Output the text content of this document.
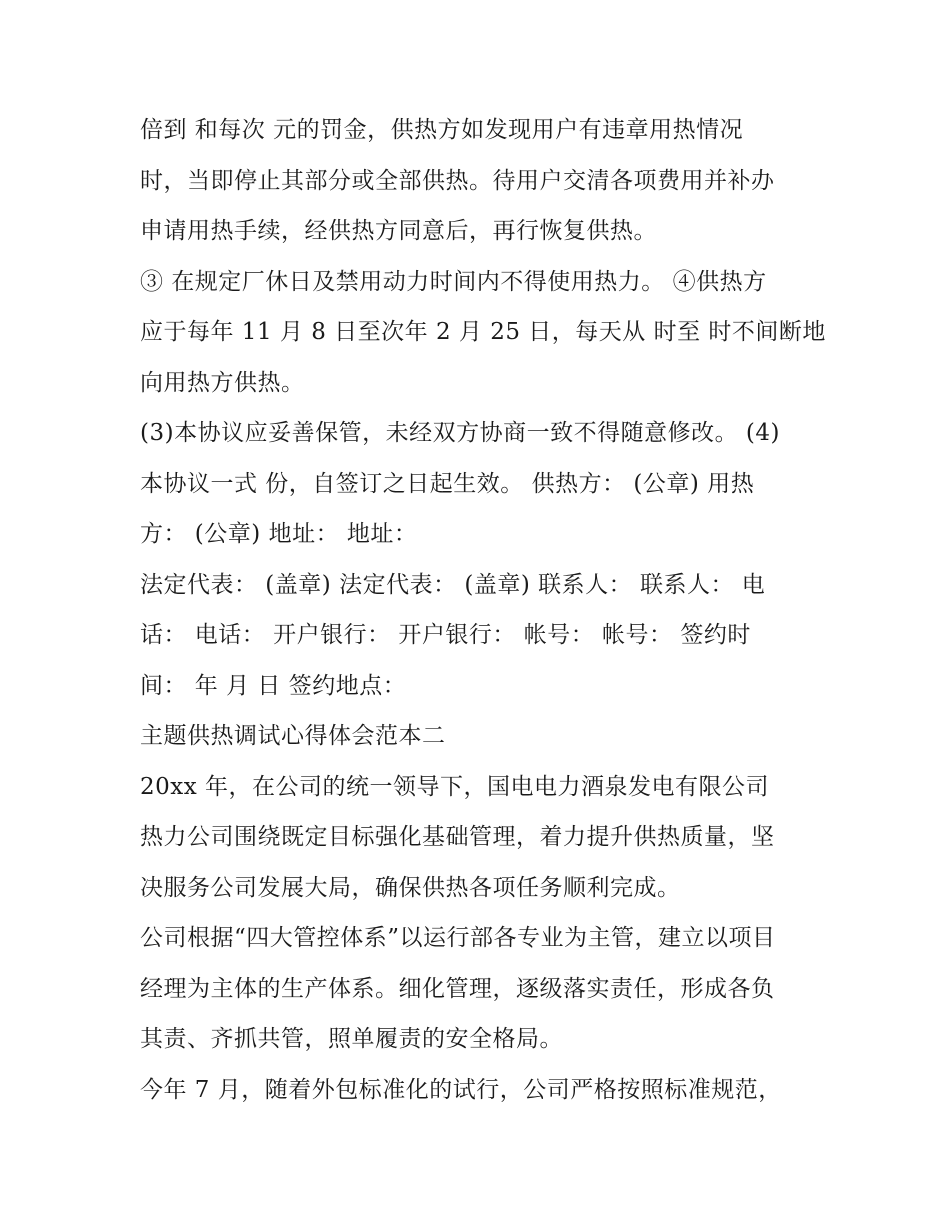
倍到 和每次 元的罚金，供热方如发现用户有违章用热情况
时，当即停止其部分或全部供热。待用户交清各项费用并补办
申请用热手续，经供热方同意后，再行恢复供热。
③ 在规定厂休日及禁用动力时间内不得使用热力。 ④供热方
应于每年 11 月 8 日至次年 2 月 25 日，每天从 时至 时不间断地
向用热方供热。
(3)本协议应妥善保管，未经双方协商一致不得随意修改。 (4)
本协议一式 份，自签订之日起生效。 供热方： (公章) 用热
方： (公章) 地址： 地址：
法定代表： (盖章) 法定代表： (盖章) 联系人： 联系人： 电
话： 电话： 开户银行： 开户银行： 帐号： 帐号： 签约时
间： 年 月 日 签约地点：
主题供热调试心得体会范本二
20xx 年，在公司的统一领导下，国电电力酒泉发电有限公司
热力公司围绕既定目标强化基础管理，着力提升供热质量，坚
决服务公司发展大局，确保供热各项任务顺利完成。
公司根据“四大管控体系”以运行部各专业为主管，建立以项目
经理为主体的生产体系。细化管理，逐级落实责任，形成各负
其责、齐抓共管，照单履责的安全格局。
今年 7 月，随着外包标准化的试行，公司严格按照标准规范，
